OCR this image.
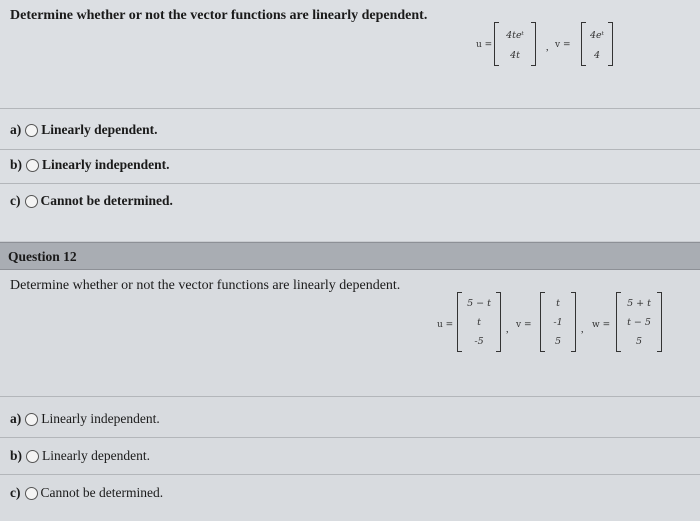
Determine whether or not the vector functions are linearly dependent.
u =
4teᵗ
4t
, v =
4eᵗ
4
a) Linearly dependent.
b) Linearly independent.
c) Cannot be determined.
Question 12
Determine whether or not the vector functions are linearly dependent.
u =
5 − t
t
-5
, v =
t
-1
5
, w =
5 + t
t − 5
5
a) Linearly independent.
b) Linearly dependent.
c) Cannot be determined.
